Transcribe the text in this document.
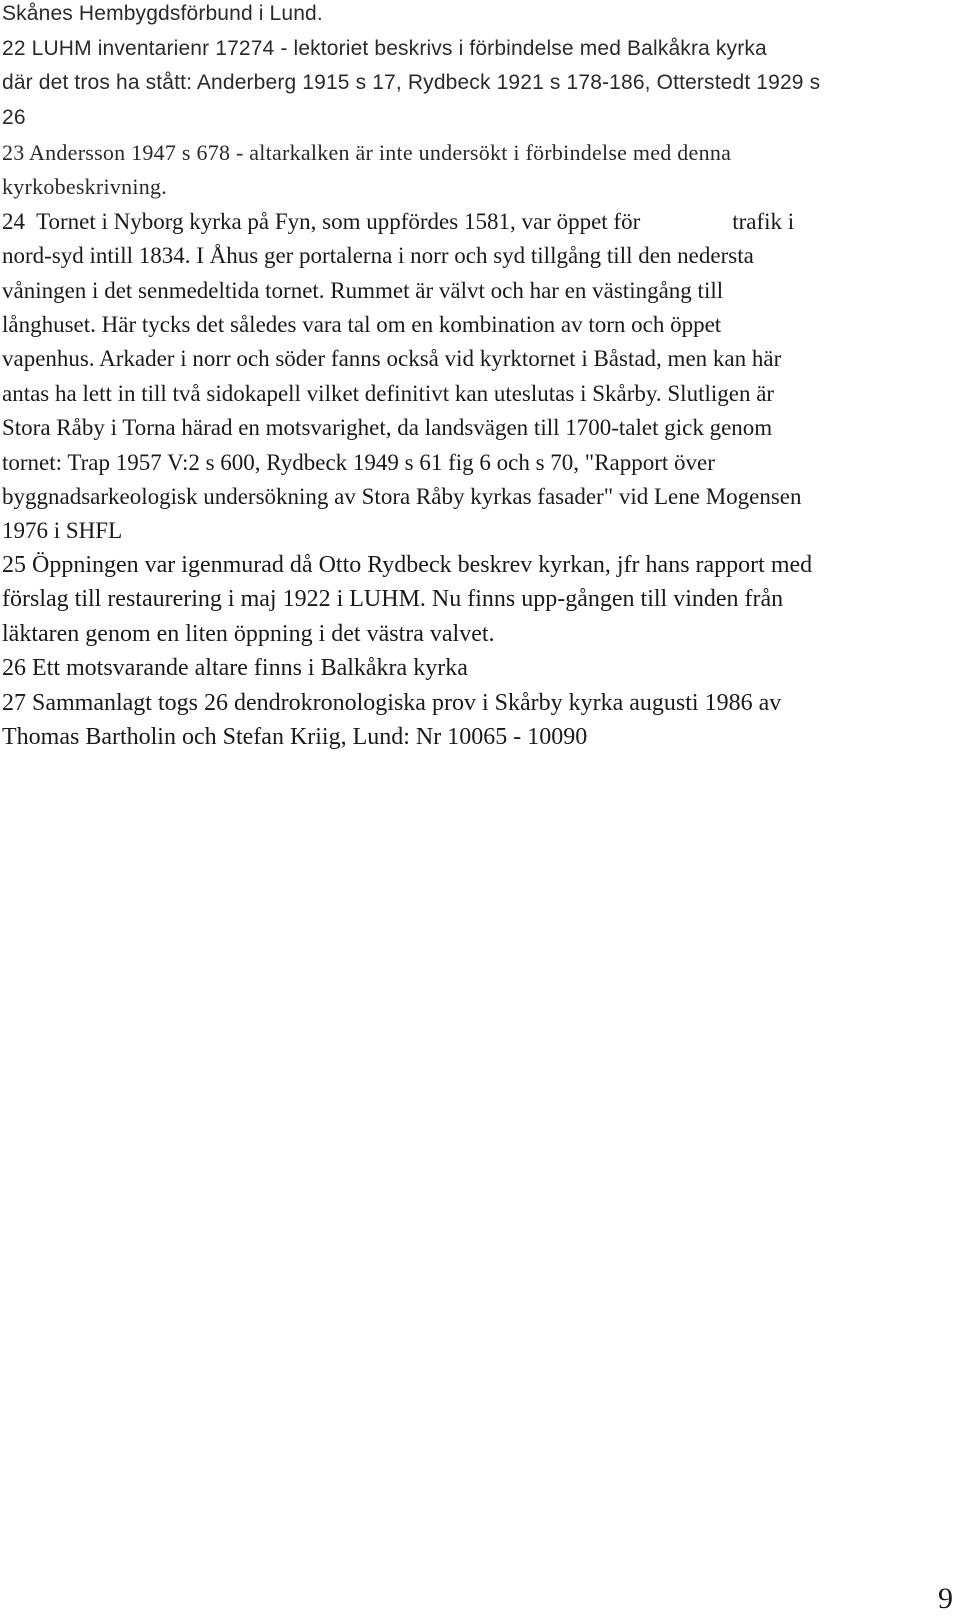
Skånes Hembygdsförbund i Lund.

22 LUHM inventarienr 17274 - lektoriet beskrivs i förbindelse med Balkåkra kyrka

där det tros ha stått: Anderberg 1915 s 17, Rydbeck 1921 s 178-186, Otterstedt 1929 s

26

23 Andersson 1947 s 678 - altarkalken är inte undersökt i förbindelse med denna

kyrkobeskrivning.

24  Tornet i Nyborg kyrka på Fyn, som uppfördes 1581, var öppet för                trafik i

nord-syd intill 1834. I Åhus ger portalerna i norr och syd tillgång till den nedersta

våningen i det senmedeltida tornet. Rummet är välvt och har en västingång till

långhuset. Här tycks det således vara tal om en kombination av torn och öppet

vapenhus. Arkader i norr och söder fanns också vid kyrktornet i Båstad, men kan här

antas ha lett in till två sidokapell vilket definitivt kan uteslutas i Skårby. Slutligen är

Stora Råby i Torna härad en motsvarighet, da landsvägen till 1700-talet gick genom

tornet: Trap 1957 V:2 s 600, Rydbeck 1949 s 61 fig 6 och s 70, "Rapport över

byggnadsarkeologisk undersökning av Stora Råby kyrkas fasader" vid Lene Mogensen

1976 i SHFL

25 Öppningen var igenmurad då Otto Rydbeck beskrev kyrkan, jfr hans rapport med

förslag till restaurering i maj 1922 i LUHM. Nu finns upp-gången till vinden från

läktaren genom en liten öppning i det västra valvet.

26 Ett motsvarande altare finns i Balkåkra kyrka

27 Sammanlagt togs 26 dendrokronologiska prov i Skårby kyrka augusti 1986 av

Thomas Bartholin och Stefan Kriig, Lund: Nr 10065 - 10090

9
